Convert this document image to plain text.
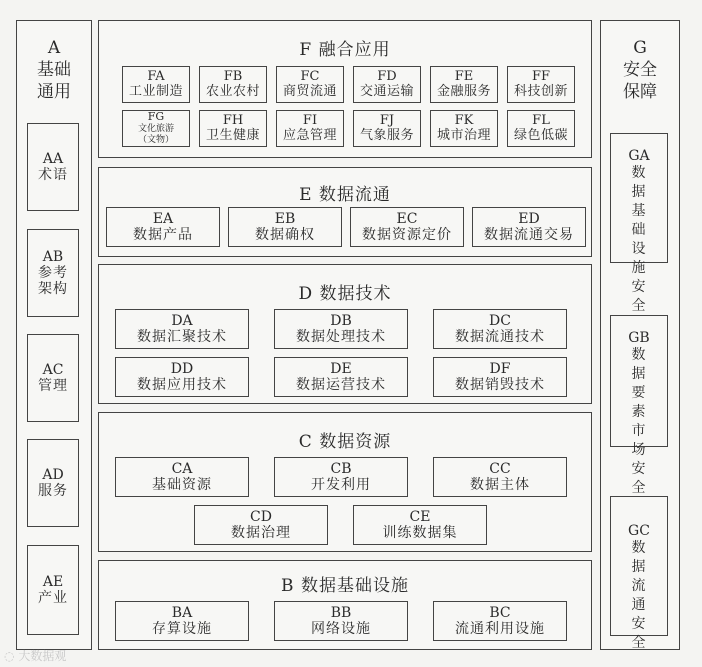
A
基础
通用
AA
术语
AB
参考架构
AC
管理
AD
服务
AE
产业
G
安全
保障
GA
数据基础设施安全
GB
数据要素市场安全
GC
数据流通安全
F 融合应用
FA
工业制造
FB
农业农村
FC
商贸流通
FD
交通运输
FE
金融服务
FF
科技创新
FG
文化旅游（文物）
FH
卫生健康
FI
应急管理
FJ
气象服务
FK
城市治理
FL
绿色低碳
E 数据流通
EA
数据产品
EB
数据确权
EC
数据资源定价
ED
数据流通交易
D 数据技术
DA
数据汇聚技术
DB
数据处理技术
DC
数据流通技术
DD
数据应用技术
DE
数据运营技术
DF
数据销毁技术
C 数据资源
CA
基础资源
CB
开发利用
CC
数据主体
CD
数据治理
CE
训练数据集
B 数据基础设施
BA
存算设施
BB
网络设施
BC
流通利用设施
◌ 大数据观
